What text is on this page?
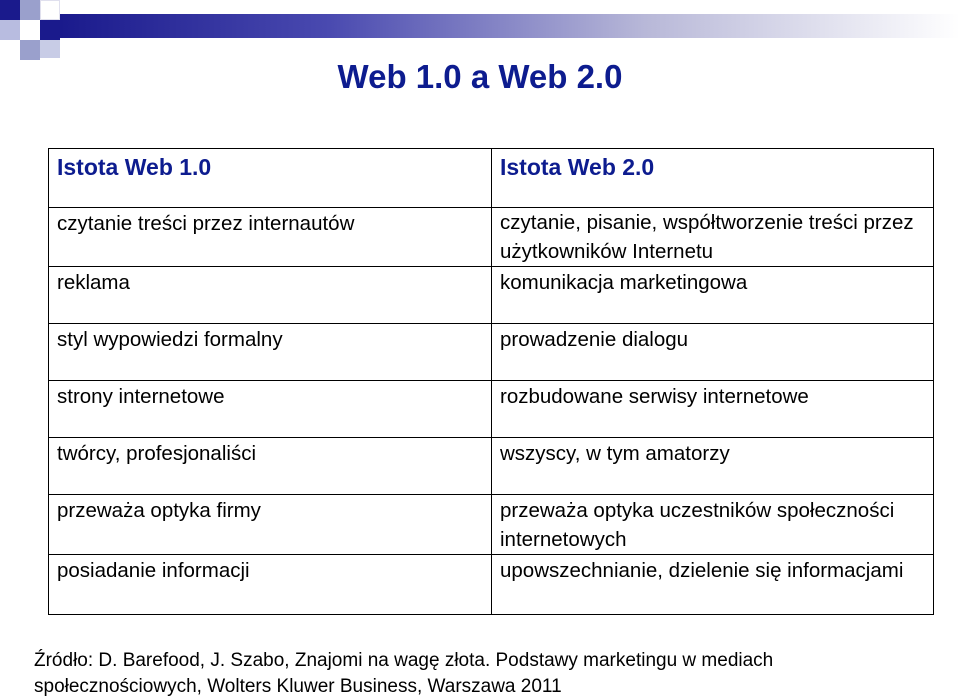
Web 1.0 a Web 2.0
Istota Web 1.0	Istota Web 2.0
czytanie treści przez internautów	czytanie, pisanie, współtworzenie treści przez użytkowników Internetu
reklama	komunikacja marketingowa
styl wypowiedzi formalny	prowadzenie dialogu
strony internetowe	rozbudowane serwisy internetowe
twórcy, profesjonaliści	wszyscy, w tym amatorzy
przeważa optyka firmy	przeważa optyka uczestników społeczności internetowych
posiadanie informacji	upowszechnianie, dzielenie się informacjami
Źródło: D. Barefood, J. Szabo, Znajomi na wagę złota. Podstawy marketingu w mediach
społecznościowych, Wolters Kluwer Business, Warszawa 2011
